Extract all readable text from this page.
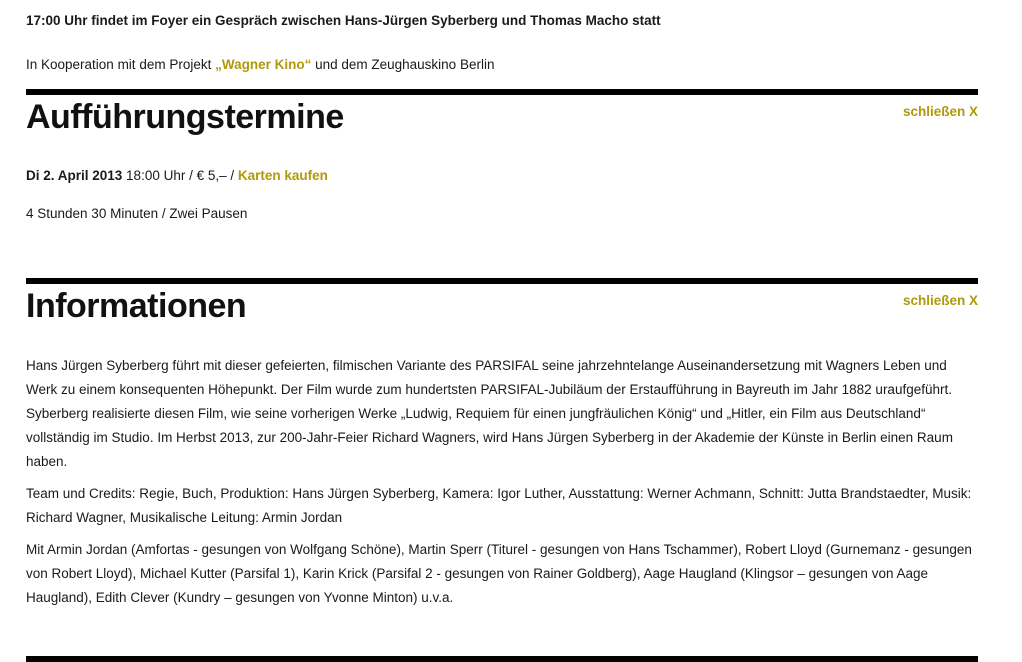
17:00 Uhr findet im Foyer ein Gespräch zwischen Hans-Jürgen Syberberg und Thomas Macho statt
In Kooperation mit dem Projekt „Wagner Kino“ und dem Zeughauskino Berlin
Aufführungstermine	schließen X
Di 2. April 2013 18:00 Uhr / € 5,– / Karten kaufen
4 Stunden 30 Minuten / Zwei Pausen
Informationen	schließen X

Hans Jürgen Syberberg führt mit dieser gefeierten, filmischen Variante des PARSIFAL seine jahrzehntelange Auseinandersetzung mit Wagners Leben und Werk zu einem konsequenten Höhepunkt. Der Film wurde zum hundertsten PARSIFAL-Jubiläum der Erstaufführung in Bayreuth im Jahr 1882 uraufgeführt. Syberberg realisierte diesen Film, wie seine vorherigen Werke „Ludwig, Requiem für einen jungfräulichen König“ und „Hitler, ein Film aus Deutschland“ vollständig im Studio. Im Herbst 2013, zur 200-Jahr-Feier Richard Wagners, wird Hans Jürgen Syberberg in der Akademie der Künste in Berlin einen Raum haben.

Team und Credits: Regie, Buch, Produktion: Hans Jürgen Syberberg, Kamera: Igor Luther, Ausstattung: Werner Achmann, Schnitt: Jutta Brandstaedter, Musik: Richard Wagner, Musikalische Leitung: Armin Jordan

Mit Armin Jordan (Amfortas - gesungen von Wolfgang Schöne), Martin Sperr (Titurel - gesungen von Hans Tschammer), Robert Lloyd (Gurnemanz - gesungen von Robert Lloyd), Michael Kutter (Parsifal 1), Karin Krick (Parsifal 2 - gesungen von Rainer Goldberg), Aage Haugland (Klingsor – gesungen von Aage Haugland), Edith Clever (Kundry – gesungen von Yvonne Minton) u.v.a.
